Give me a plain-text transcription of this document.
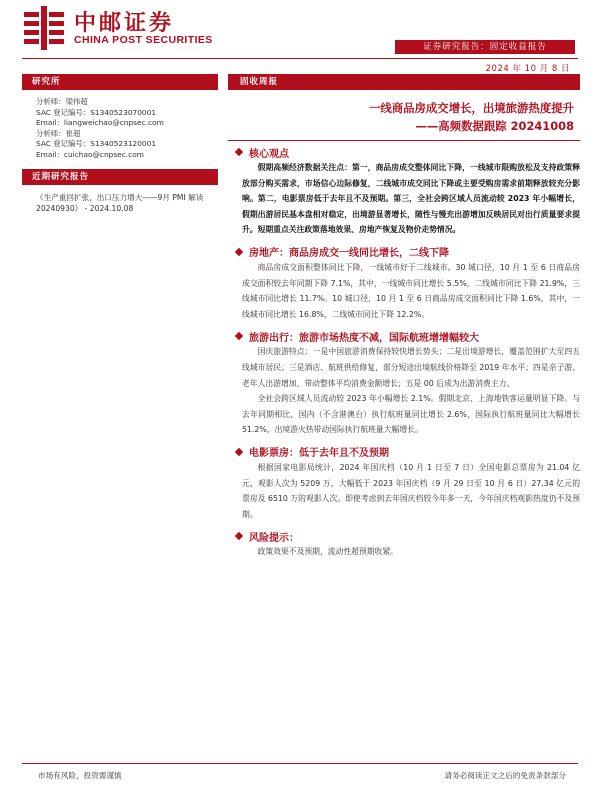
中邮证券
CHINA POST SECURITIES
证券研究报告：固定收益报告
2024 年 10 月 8 日
研究所
分析师：梁伟超
SAC 登记编号：S1340523070001
Email：liangweichao@cnpsec.com
分析师：崔超
SAC 登记编号：S1340523120001
Email：cuichao@cnpsec.com
近期研究报告
《生产重回扩张，出口压力增大——9月 PMI 解读 20240930》 - 2024.10.08
固收周报
一线商品房成交增长，出境旅游热度提升
——高频数据跟踪 20241008
核心观点
假期高频经济数据关注点：第一，商品房成交整体同比下降，一线城市限购放松及支持政策释放部分购买需求，市场信心边际修复，二线城市成交同比下降或主要受购房需求前期释放较充分影响。第二，电影票房低于去年且不及预期。第三，全社会跨区域人员流动较 2023 年小幅增长，假期出游居民基本盘相对稳定，出境游显著增长，随性与慢充出游增加反映居民对出行质量要求提升。短期重点关注政策落地效果、房地产恢复及物价走势情况。
房地产：商品房成交一线同比增长，二线下降
商品房成交面积整体同比下降，一线城市好于二线城市。30 城口径，10 月 1 至 6 日商品房成交面积较去年同期下降 7.1%，其中，一线城市同比增长 5.5%，二线城市同比下降 21.9%，三线城市同比增长 11.7%。10 城口径，10 月 1 至 6 日商品房成交面积同比下降 1.6%，其中，一线城市同比增长 16.8%，二线城市同比下降 12.2%。
旅游出行：旅游市场热度不减，国际航班增增幅较大
国庆旅游特点：一是中国旅游消费保持较快增长势头；二是出境游增长，覆盖范围扩大至四五线城市居民；三是酒店、航班供给修复，部分短途出境航线价格降至 2019 年水平；四是亲子游、老年人出游增加，带动整体平均消费金额增长；五是 00 后成为出游消费主力。
全社会跨区域人员流动较 2023 年小幅增长 2.1%。假期北京、上海地铁客运量明显下降。与去年同期相比，国内（不含港澳台）执行航班量同比增长 2.6%，国际执行航班量同比大幅增长 51.2%，出境游火热带动国际执行航班量大幅增长。
电影票房：低于去年且不及预期
根据国家电影局统计，2024 年国庆档（10 月 1 日至 7 日）全国电影总票房为 21.04 亿元，观影人次为 5209 万，大幅低于 2023 年国庆档（9 月 29 日至 10 月 6 日）27.34 亿元的票房及 6510 万的观影人次。即使考虑到去年国庆档较今年多一天，今年国庆档观影热度仍不及预期。
风险提示：
政策效果不及预期，流动性超预期收紧。
市场有风险，投资需谨慎	请务必阅读正文之后的免责条款部分
